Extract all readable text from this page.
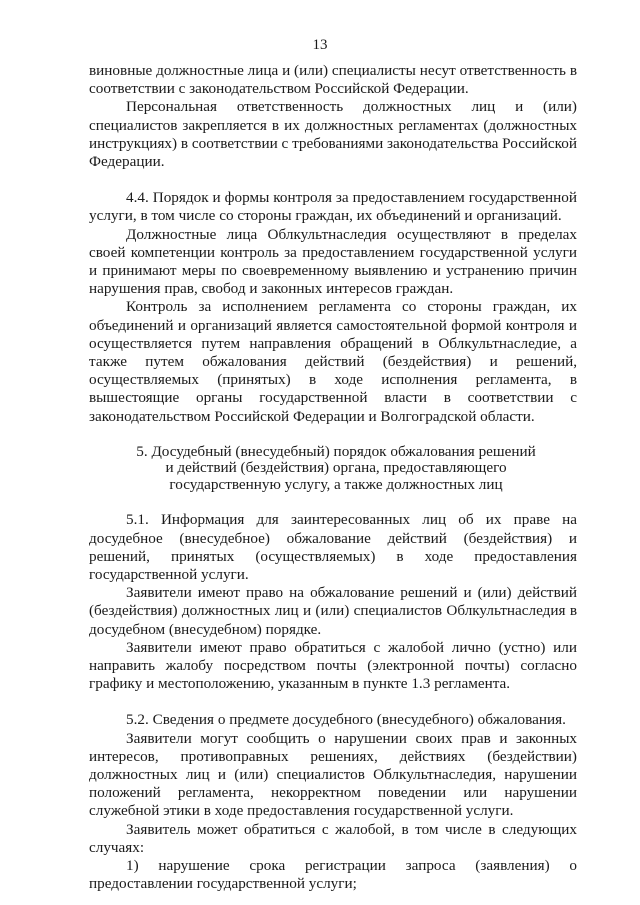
13

виновные должностные лица и (или) специалисты несут ответственность в соответствии с законодательством Российской Федерации.

Персональная ответственность должностных лиц и (или) специалистов закрепляется в их должностных регламентах (должностных инструкциях) в соответствии с требованиями законодательства Российской Федерации.

4.4. Порядок и формы контроля за предоставлением государственной услуги, в том числе со стороны граждан, их объединений и организаций.

Должностные лица Облкультнаследия осуществляют в пределах своей компетенции контроль за предоставлением государственной услуги и принимают меры по своевременному выявлению и устранению причин нарушения прав, свобод и законных интересов граждан.

Контроль за исполнением регламента со стороны граждан, их объединений и организаций является самостоятельной формой контроля и осуществляется путем направления обращений в Облкультнаследие, а также путем обжалования действий (бездействия) и решений, осуществляемых (принятых) в ходе исполнения регламента, в вышестоящие органы государственной власти в соответствии с законодательством Российской Федерации и Волгоградской области.

5. Досудебный (внесудебный) порядок обжалования решений
и действий (бездействия) органа, предоставляющего
государственную услугу, а также должностных лиц

5.1. Информация для заинтересованных лиц об их праве на досудебное (внесудебное) обжалование действий (бездействия) и решений, принятых (осуществляемых) в ходе предоставления государственной услуги.

Заявители имеют право на обжалование решений и (или) действий (бездействия) должностных лиц и (или) специалистов Облкультнаследия в досудебном (внесудебном) порядке.

Заявители имеют право обратиться с жалобой лично (устно) или направить жалобу посредством почты (электронной почты) согласно графику и местоположению, указанным в пункте 1.3 регламента.

5.2. Сведения о предмете досудебного (внесудебного) обжалования.

Заявители могут сообщить о нарушении своих прав и законных интересов, противоправных решениях, действиях (бездействии) должностных лиц и (или) специалистов Облкультнаследия, нарушении положений регламента, некорректном поведении или нарушении служебной этики в ходе предоставления государственной услуги.

Заявитель может обратиться с жалобой, в том числе в следующих случаях:

1) нарушение срока регистрации запроса (заявления) о предоставлении государственной услуги;
